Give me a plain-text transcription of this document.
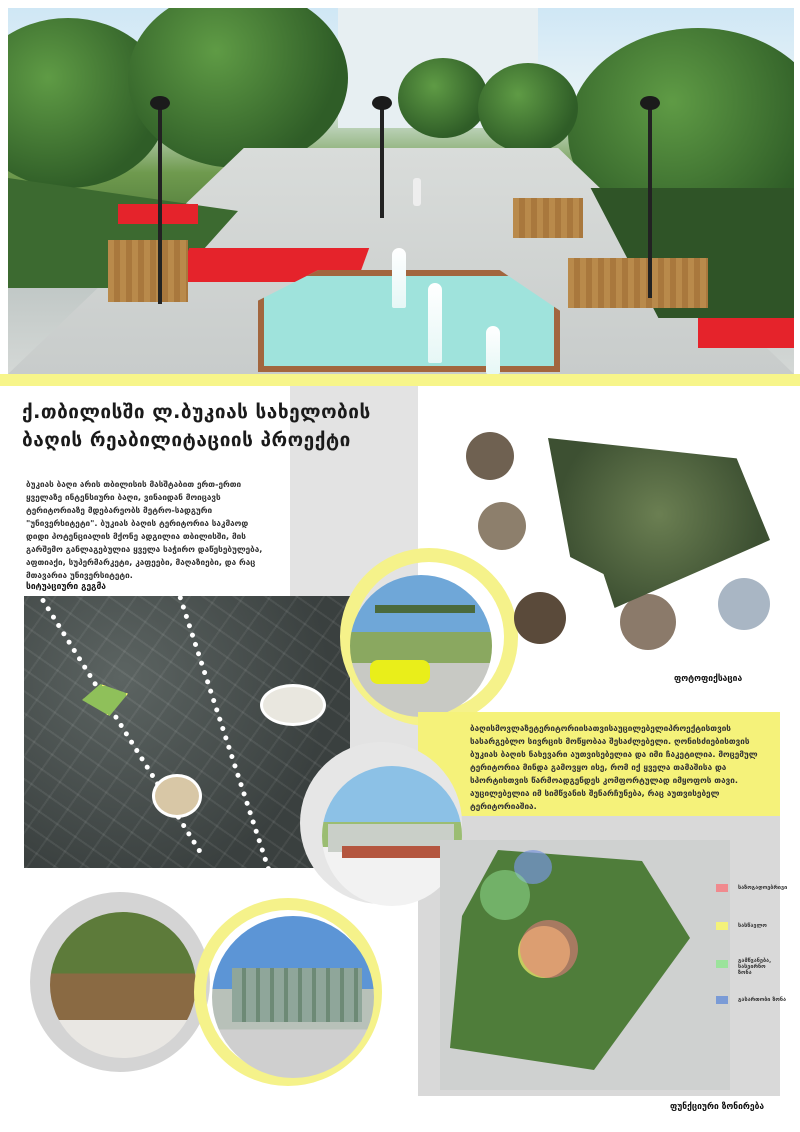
ქ.თბილისში ლ.ბუკიას სახელობის
ბაღის რეაბილიტაციის პროექტი
ბუკიას ბაღი არის თბილისის მასშტაბით ერთ-ერთი ყველაზე ინტენსიური ბაღი, ვინაიდან მოიცავს ტერიტორიაზე მდებარეობს მეტრო-სადგური "უნივერსიტეტი". ბუკიას ბაღის ტერიტორია საკმაოდ დიდი პოტენციალის მქონე ადგილია თბილისში, მის გარშემო განლაგებულია ყველა საჭირო დაწესებულება, აფთიაქი, სუპერმარკეტი, კაფეები, მაღაზიები, და რაც მთავარია უნივერსიტეტი.
სიტუაციური გეგმა
ფოტოფიქსაცია
ბაღისმოვლაზეტერიტორიისათვისაუცილებელიპროექტისთვის სასარგებლო სივრცის მოწყობაა შესაძლებელი. ღონისძიებისთვის ბუკიას ბაღის ნახევარი აუთვისებელია და იმი ჩაკეტილია. მოცემულ ტერიტორია მინდა გამოვყო ისე, რომ იქ ყველა თამაშისა და სპორტისთვის წარმოადგენდეს კომფორტულად იმყოფოს თავი. აუცილებელია იმ სიმწვანის შენარჩუნება, რაც აუთვისებელ ტერიტორიაშია.
საზოგადოებრივი
სასწავლო
გამწვანება, სასეირნო ზონა
გასართობი ზონა
ფუნქციური ზონირება
